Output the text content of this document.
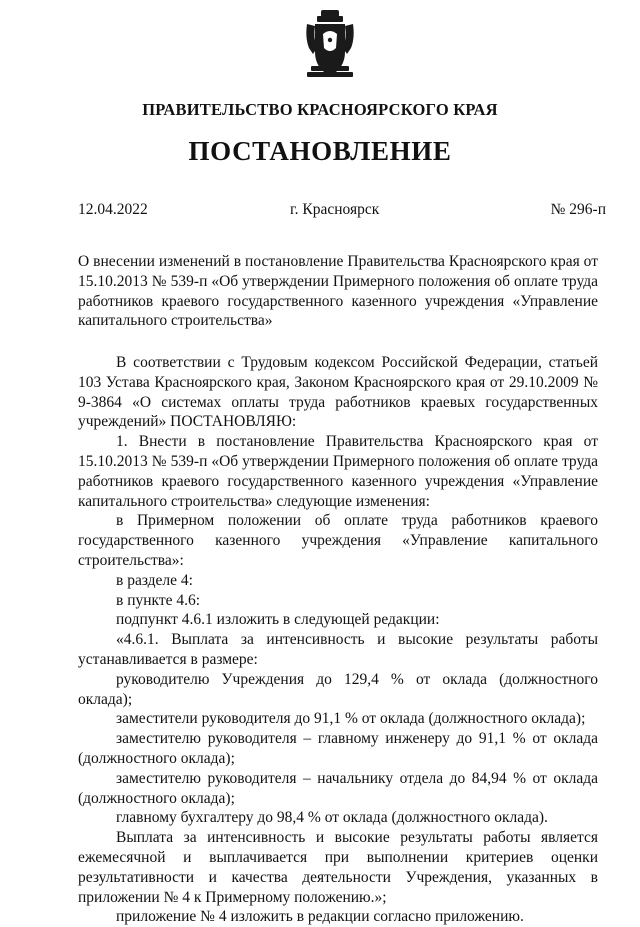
ПРАВИТЕЛЬСТВО КРАСНОЯРСКОГО КРАЯ
ПОСТАНОВЛЕНИЕ
12.04.2022	г. Красноярск	№ 296-п
О внесении изменений в постановление Правительства Красноярского края от 15.10.2013 № 539-п «Об утверждении Примерного положения об оплате труда работников краевого государственного казенного учреждения «Управление капитального строительства»

В соответствии с Трудовым кодексом Российской Федерации, статьей 103 Устава Красноярского края, Законом Красноярского края от 29.10.2009 № 9-3864 «О системах оплаты труда работников краевых государственных учреждений» ПОСТАНОВЛЯЮ:

1. Внести в постановление Правительства Красноярского края от 15.10.2013 № 539-п «Об утверждении Примерного положения об оплате труда работников краевого государственного казенного учреждения «Управление капитального строительства» следующие изменения:

в Примерном положении об оплате труда работников краевого государственного казенного учреждения «Управление капитального строительства»:

в разделе 4:

в пункте 4.6:

подпункт 4.6.1 изложить в следующей редакции:

«4.6.1. Выплата за интенсивность и высокие результаты работы устанавливается в размере:

руководителю Учреждения до 129,4 % от оклада (должностного оклада);

заместители руководителя до 91,1 % от оклада (должностного оклада);

заместителю руководителя – главному инженеру до 91,1 % от оклада (должностного оклада);

заместителю руководителя – начальнику отдела до 84,94 % от оклада (должностного оклада);

главному бухгалтеру до 98,4 % от оклада (должностного оклада).

Выплата за интенсивность и высокие результаты работы является ежемесячной и выплачивается при выполнении критериев оценки результативности и качества деятельности Учреждения, указанных в приложении № 4 к Примерному положению.»;

приложение № 4 изложить в редакции согласно приложению.
